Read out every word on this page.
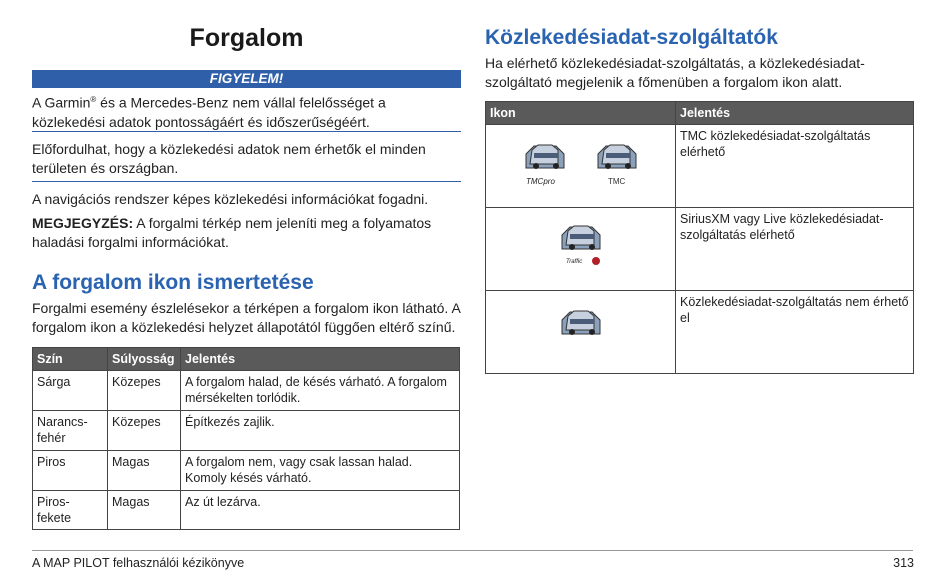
Forgalom
FIGYELEM!
A Garmin® és a Mercedes-Benz nem vállal felelősséget a közlekedési adatok pontosságáért és időszerűségéért.
Előfordulhat, hogy a közlekedési adatok nem érhetők el minden területen és országban.
A navigációs rendszer képes közlekedési információkat fogadni.
MEGJEGYZÉS: A forgalmi térkép nem jeleníti meg a folyamatos haladási forgalmi információkat.
A forgalom ikon ismertetése
Forgalmi esemény észlelésekor a térképen a forgalom ikon látható. A forgalom ikon a közlekedési helyzet állapotától függően eltérő színű.
Szín	Súlyosság	Jelentés
Sárga	Közepes	A forgalom halad, de késés várható. A forgalom mérsékelten torlódik.
Narancs-fehér	Közepes	Építkezés zajlik.
Piros	Magas	A forgalom nem, vagy csak lassan halad. Komoly késés várható.
Piros-fekete	Magas	Az út lezárva.
Közlekedésiadat-szolgáltatók
Ha elérhető közlekedésiadat-szolgáltatás, a közlekedésiadat-szolgáltató megjelenik a főmenüben a forgalom ikon alatt.
Ikon	Jelentés

TMCpro TMC	TMC közlekedésiadat-szolgáltatás elérhető

Traffic	SiriusXM vagy Live közlekedésiadat-szolgáltatás elérhető
	Közlekedésiadat-szolgáltatás nem érhető el
A MAP PILOT felhasználói kézikönyve	313
